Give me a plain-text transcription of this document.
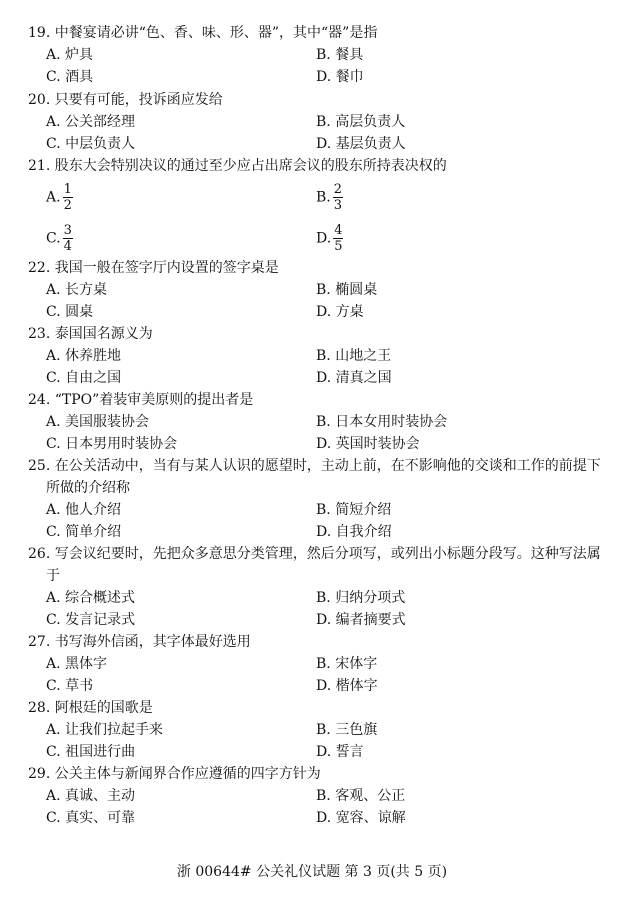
19. 中餐宴请必讲“色、香、味、形、器”，其中“器”是指
A. 炉具	B. 餐具
C. 酒具	D. 餐巾
20. 只要有可能，投诉函应发给
A. 公关部经理	B. 高层负责人
C. 中层负责人	D. 基层负责人
21. 股东大会特别决议的通过至少应占出席会议的股东所持表决权的
A. $\frac{1}{2}$	B. $\frac{2}{3}$
C. $\frac{3}{4}$	D. $\frac{4}{5}$
22. 我国一般在签字厅内设置的签字桌是
A. 长方桌	B. 椭圆桌
C. 圆桌	D. 方桌
23. 泰国国名源义为
A. 休养胜地	B. 山地之王
C. 自由之国	D. 清真之国
24. “TPO”着装审美原则的提出者是
A. 美国服装协会	B. 日本女用时装协会
C. 日本男用时装协会	D. 英国时装协会
25. 在公关活动中，当有与某人认识的愿望时，主动上前，在不影响他的交谈和工作的前提下
所做的介绍称
A. 他人介绍	B. 简短介绍
C. 简单介绍	D. 自我介绍
26. 写会议纪要时，先把众多意思分类管理，然后分项写，或列出小标题分段写。这种写法属
于
A. 综合概述式	B. 归纳分项式
C. 发言记录式	D. 编者摘要式
27. 书写海外信函，其字体最好选用
A. 黑体字	B. 宋体字
C. 草书	D. 楷体字
28. 阿根廷的国歌是
A. 让我们拉起手来	B. 三色旗
C. 祖国进行曲	D. 誓言
29. 公关主体与新闻界合作应遵循的四字方针为
A. 真诚、主动	B. 客观、公正
C. 真实、可靠	D. 宽容、谅解
浙 00644# 公关礼仪试题 第 3 页(共 5 页)
